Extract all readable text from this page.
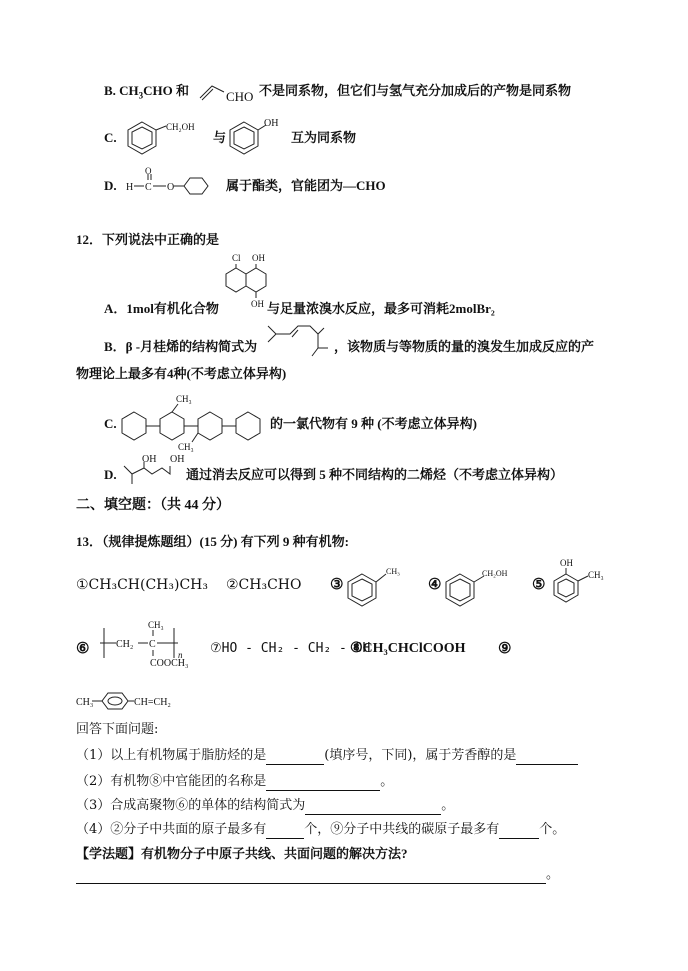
B. $CH_3CHO$ 和	CHO 不是同系物，但它们与氢气充分加成后的产物是同系物
C.
CH₂OH
与
OH
互为同系物
D. H C
O
O	属于酯类，官能团为—CHO
12．下列说法中正确的是
Cl OH
OH
A．1mol有机化合物	与足量浓溴水反应，最多可消耗2molBr₂
B．β -月桂烯的结构简式为	，该物质与等物质的量的溴发生加成反应的产
物理论上最多有4种(不考虑立体异构)
C.
CH₃
CH₃
的一氯代物有 9 种 (不考虑立体异构)
D.
OH OH
通过消去反应可以得到 5 种不同结构的二烯烃（不考虑立体异构）
二、填空题：（共 44 分）
13．（规律提炼题组）(15 分) 有下列 9 种有机物:
①CH₃CH(CH₃)CH₃ ②CH₃CHO ③
CH₃
④
CH₂OH
⑤
OH
CH₃
⑥	CH₂ C
CH₃
COOCH₃
n ⑦HO - CH₂ - CH₂ - OH
⑧CH₃CHClCOOH ⑨
CH₃	CH=CH₂
回答下面问题:
（1）以上有机物属于脂肪烃的是	(填序号，下同)，属于芳香醇的是
（2）有机物⑧中官能团的名称是	。
（3）合成高聚物⑥的单体的结构简式为	。
（4）②分子中共面的原子最多有	个，⑨分子中共线的碳原子最多有	个。
【学法题】有机物分子中原子共线、共面问题的解决方法?
。
